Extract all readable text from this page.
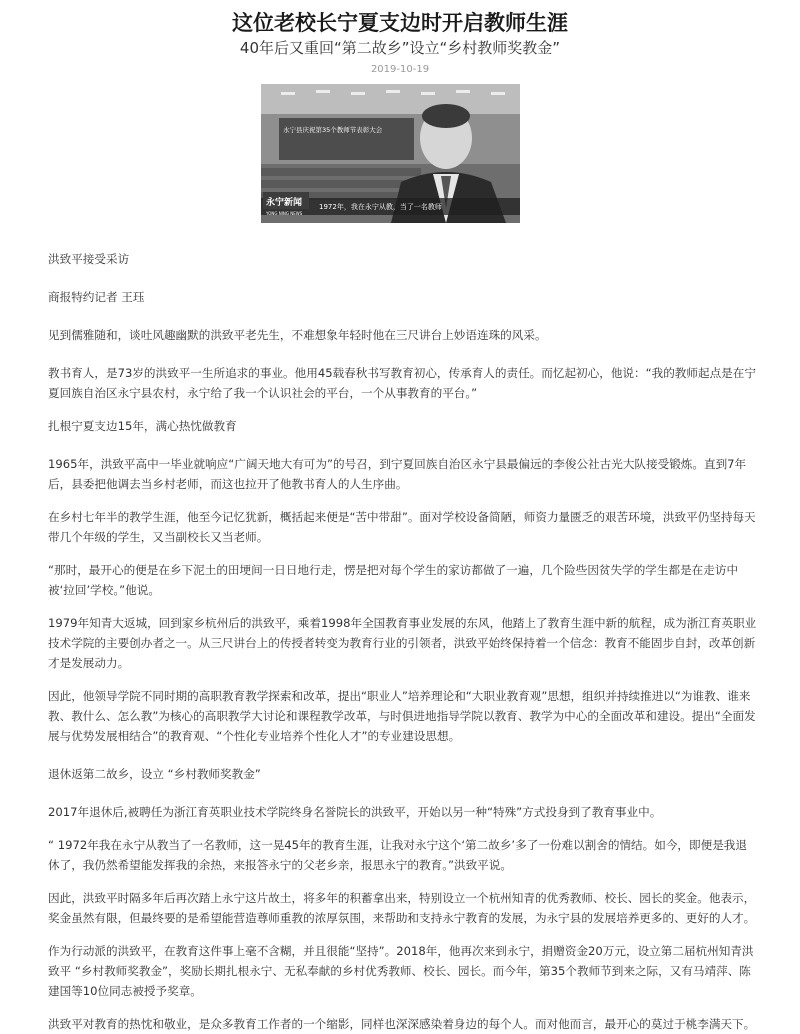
这位老校长宁夏支边时开启教师生涯
40年后又重回“第二故乡”设立“乡村教师奖教金”
2019-10-19
永宁县庆祝第35个教师节表彰大会
永宁新闻
YONG NING NEWS
1972年，我在永宁从教，当了一名教师

洪致平接受采访

商报特约记者 王珏

见到儒雅随和，谈吐风趣幽默的洪致平老先生，不难想象年轻时他在三尺讲台上妙语连珠的风采。

教书育人，是73岁的洪致平一生所追求的事业。他用45载春秋书写教育初心，传承育人的责任。而忆起初心，他说：“我的教师起点是在宁夏回族自治区永宁县农村，永宁给了我一个认识社会的平台，一个从事教育的平台。”

扎根宁夏支边15年，满心热忱做教育

1965年，洪致平高中一毕业就响应“广阔天地大有可为”的号召，到宁夏回族自治区永宁县最偏远的李俊公社古光大队接受锻炼。直到7年后，县委把他调去当乡村老师，而这也拉开了他教书育人的人生序曲。

在乡村七年半的教学生涯，他至今记忆犹新，概括起来便是“苦中带甜”。面对学校设备简陋，师资力量匮乏的艰苦环境，洪致平仍坚持每天带几个年级的学生，又当副校长又当老师。

“那时，最开心的便是在乡下泥土的田埂间一日日地行走，愣是把对每个学生的家访都做了一遍，几个险些因贫失学的学生都是在走访中被‘拉回’学校。”他说。

1979年知青大返城，回到家乡杭州后的洪致平，乘着1998年全国教育事业发展的东风，他踏上了教育生涯中新的航程，成为浙江育英职业技术学院的主要创办者之一。从三尺讲台上的传授者转变为教育行业的引领者，洪致平始终保持着一个信念：教育不能固步自封，改革创新才是发展动力。

因此，他领导学院不同时期的高职教育教学探索和改革，提出“职业人”培养理论和“大职业教育观”思想，组织并持续推进以“为谁教、谁来教、教什么、怎么教”为核心的高职教学大讨论和课程教学改革，与时俱进地指导学院以教育、教学为中心的全面改革和建设。提出“全面发展与优势发展相结合”的教育观、“个性化专业培养个性化人才”的专业建设思想。

退休返第二故乡，设立 “乡村教师奖教金”

2017年退休后,被聘任为浙江育英职业技术学院终身名誉院长的洪致平，开始以另一种“特殊”方式投身到了教育事业中。

“ 1972年我在永宁从教当了一名教师，这一晃45年的教育生涯，让我对永宁这个‘第二故乡’多了一份难以割舍的情结。如今，即便是我退休了，我仍然希望能发挥我的余热，来报答永宁的父老乡亲，报思永宁的教育。”洪致平说。

因此，洪致平时隔多年后再次踏上永宁这片故土，将多年的积蓄拿出来，特别设立一个杭州知青的优秀教师、校长、园长的奖金。他表示，奖金虽然有限，但最终要的是希望能营造尊师重教的浓厚氛围，来帮助和支持永宁教育的发展，为永宁县的发展培养更多的、更好的人才。

作为行动派的洪致平，在教育这件事上毫不含糊，并且很能“坚持”。2018年，他再次来到永宁，捐赠资金20万元，设立第二届杭州知青洪致平 “乡村教师奖教金”，奖励长期扎根永宁、无私奉献的乡村优秀教师、校长、园长。而今年，第35个教师节到来之际，又有马靖萍、陈建国等10位同志被授予奖章。

洪致平对教育的热忱和敬业，是众多教育工作者的一个缩影，同样也深深感染着身边的每个人。而对他而言，最开心的莫过于桃李满天下。
